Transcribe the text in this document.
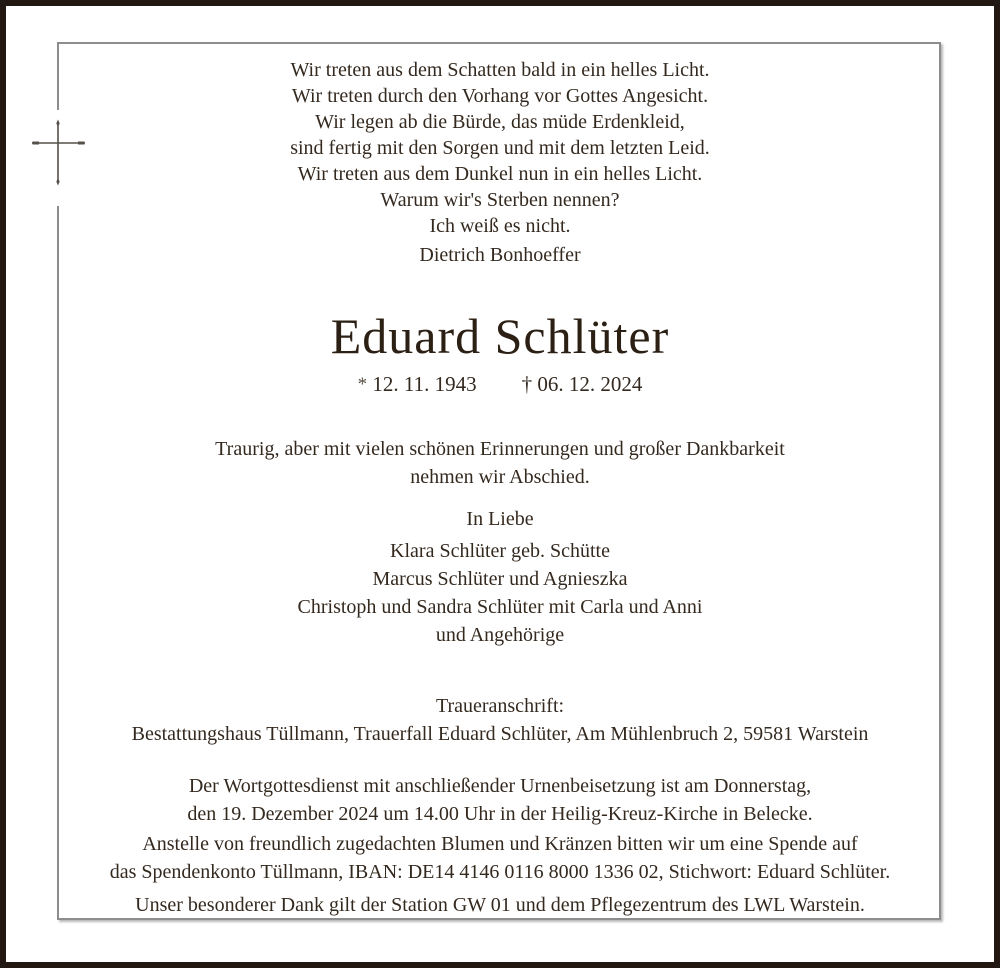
Wir treten aus dem Schatten bald in ein helles Licht.
Wir treten durch den Vorhang vor Gottes Angesicht.
Wir legen ab die Bürde, das müde Erdenkleid,
sind fertig mit den Sorgen und mit dem letzten Leid.
Wir treten aus dem Dunkel nun in ein helles Licht.
Warum wir's Sterben nennen?
Ich weiß es nicht.
Dietrich Bonhoeffer
Eduard Schlüter
* 12. 11. 1943 † 06. 12. 2024
Traurig, aber mit vielen schönen Erinnerungen und großer Dankbarkeit
nehmen wir Abschied.
In Liebe
Klara Schlüter geb. Schütte
Marcus Schlüter und Agnieszka
Christoph und Sandra Schlüter mit Carla und Anni
und Angehörige
Traueranschrift:
Bestattungshaus Tüllmann, Trauerfall Eduard Schlüter, Am Mühlenbruch 2, 59581 Warstein
Der Wortgottesdienst mit anschließender Urnenbeisetzung ist am Donnerstag,
den 19. Dezember 2024 um 14.00 Uhr in der Heilig-Kreuz-Kirche in Belecke.
Anstelle von freundlich zugedachten Blumen und Kränzen bitten wir um eine Spende auf
das Spendenkonto Tüllmann, IBAN: DE14 4146 0116 8000 1336 02, Stichwort: Eduard Schlüter.
Unser besonderer Dank gilt der Station GW 01 und dem Pflegezentrum des LWL Warstein.
